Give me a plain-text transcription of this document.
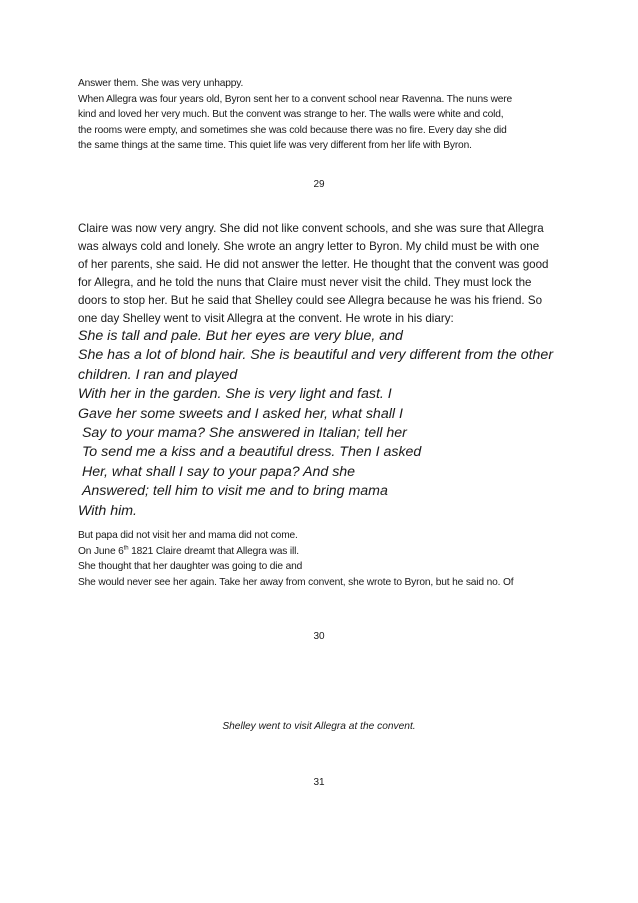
Answer them. She was very unhappy.
When Allegra was four years old, Byron sent her to a convent school near Ravenna. The nuns were
kind and loved her very much. But the convent was strange to her. The walls were white and cold,
the rooms were empty, and sometimes she was cold because there was no fire. Every day she did
the same things at the same time. This quiet life was very different from her life with Byron.
29
Claire was now very angry. She did not like convent schools, and she was sure that Allegra
was always cold and lonely. She wrote an angry letter to Byron. My child must be with one
of her parents, she said. He did not answer the letter. He thought that the convent was good
for Allegra, and he told the nuns that Claire must never visit the child. They must lock the
doors to stop her. But he said that Shelley could see Allegra because he was his friend. So
one day Shelley went to visit Allegra at the convent. He wrote in his diary:
She is tall and pale. But her eyes are very blue, and
She has a lot of blond hair. She is beautiful and very different from the other
children. I ran and played
With her in the garden. She is very light and fast. I
Gave her some sweets and I asked her, what shall I
Say to your mama? She answered in Italian; tell her
To send me a kiss and a beautiful dress. Then I asked
Her, what shall I say to your papa? And she
Answered; tell him to visit me and to bring mama
With him.
But papa did not visit her and mama did not come.
On June 6th 1821 Claire dreamt that Allegra was ill.
She thought that her daughter was going to die and
She would never see her again. Take her away from convent, she wrote to Byron, but he said no. Of
30
Shelley went to visit Allegra at the convent.
31
